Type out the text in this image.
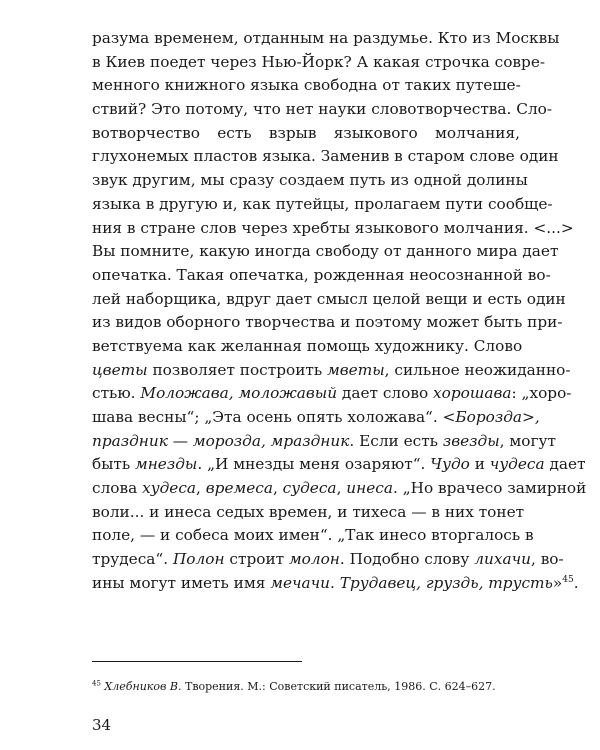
разума временем, отданным на раздумье. Кто из Москвы
в Киев поедет через Нью-Йорк? А какая строчка совре-
менного книжного языка свободна от таких путеше-
ствий? Это потому, что нет науки словотворчества. Сло-
вотворчество есть взрыв языкового молчания,
глухонемых пластов языка. Заменив в старом слове один
звук другим, мы сразу создаем путь из одной долины
языка в другую и, как путейцы, пролагаем пути сообще-
ния в стране слов через хребты языкового молчания. <...>
Вы помните, какую иногда свободу от данного мира дает
опечатка. Такая опечатка, рожденная неосознанной во-
лей наборщика, вдруг дает смысл целой вещи и есть один
из видов оборного творчества и поэтому может быть при-
ветствуема как желанная помощь художнику. Слово
цветы позволяет построить мветы, сильное неожиданно-
стью. Моложава, моложавый дает слово хорошава: „хоро-
шава весны“; „Эта осень опять холожава“. <Борозда>,
праздник — морозда, мраздник. Если есть звезды, могут
быть мнезды. „И мнезды меня озаряют“. Чудо и чудеса дает
слова худеса, времеса, судеса, инеса. „Но врачесо замирной
воли... и инеса седых времен, и тихеса — в них тонет
поле, — и собеса моих имен“. „Так инесо вторгалось в
трудеса“. Полон строит молон. Подобно слову лихачи, во-
ины могут иметь имя мечачи. Трудавец, груздь, трусть»$^{45}$.
$^{45}$ Хлебников В. Творения. М.: Советский писатель, 1986. С. 624–627.
34
